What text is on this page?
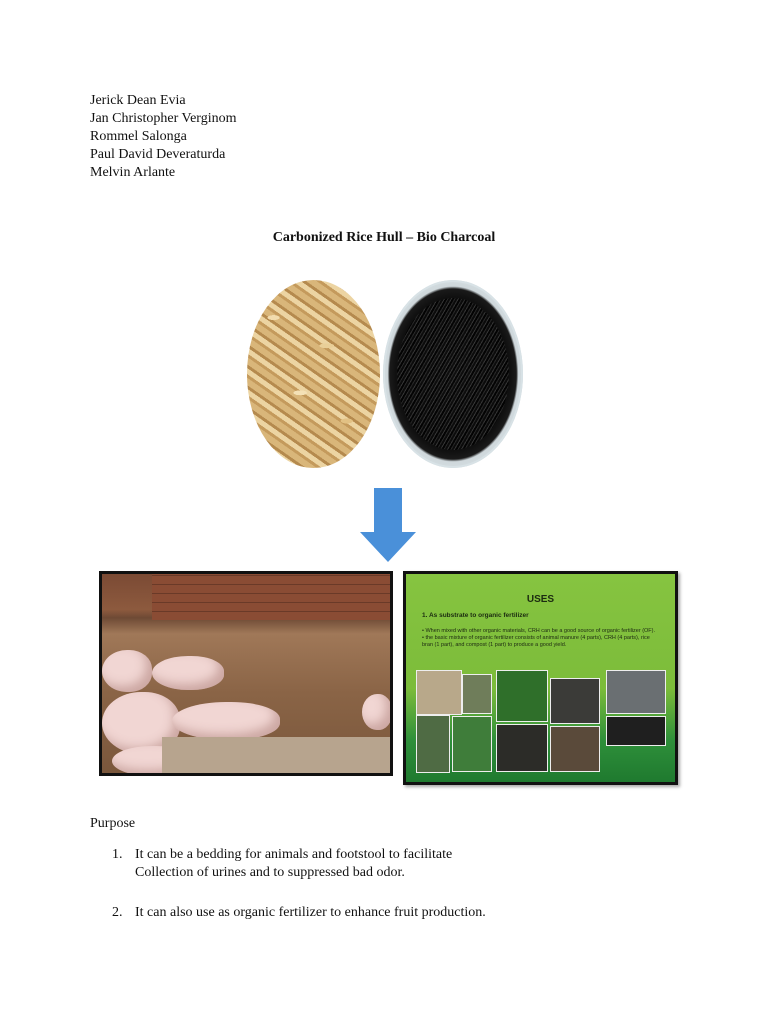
Jerick Dean Evia
Jan Christopher Verginom
Rommel Salonga
Paul David Deveraturda
Melvin Arlante
Carbonized Rice Hull – Bio Charcoal
USES
1. As substrate to organic fertilizer
• When mixed with other organic materials, CRH can be a good source of organic fertilizer (OF).
• the basic mixture of organic fertilizer consists of animal manure (4 parts), CRH (4 parts), rice bran (1 part), and compost (1 part) to produce a good yield.
Purpose
1. It can be a bedding for animals and footstool to facilitate
Collection of urines and to suppressed bad odor.
2. It can also use as organic fertilizer to enhance fruit production.
